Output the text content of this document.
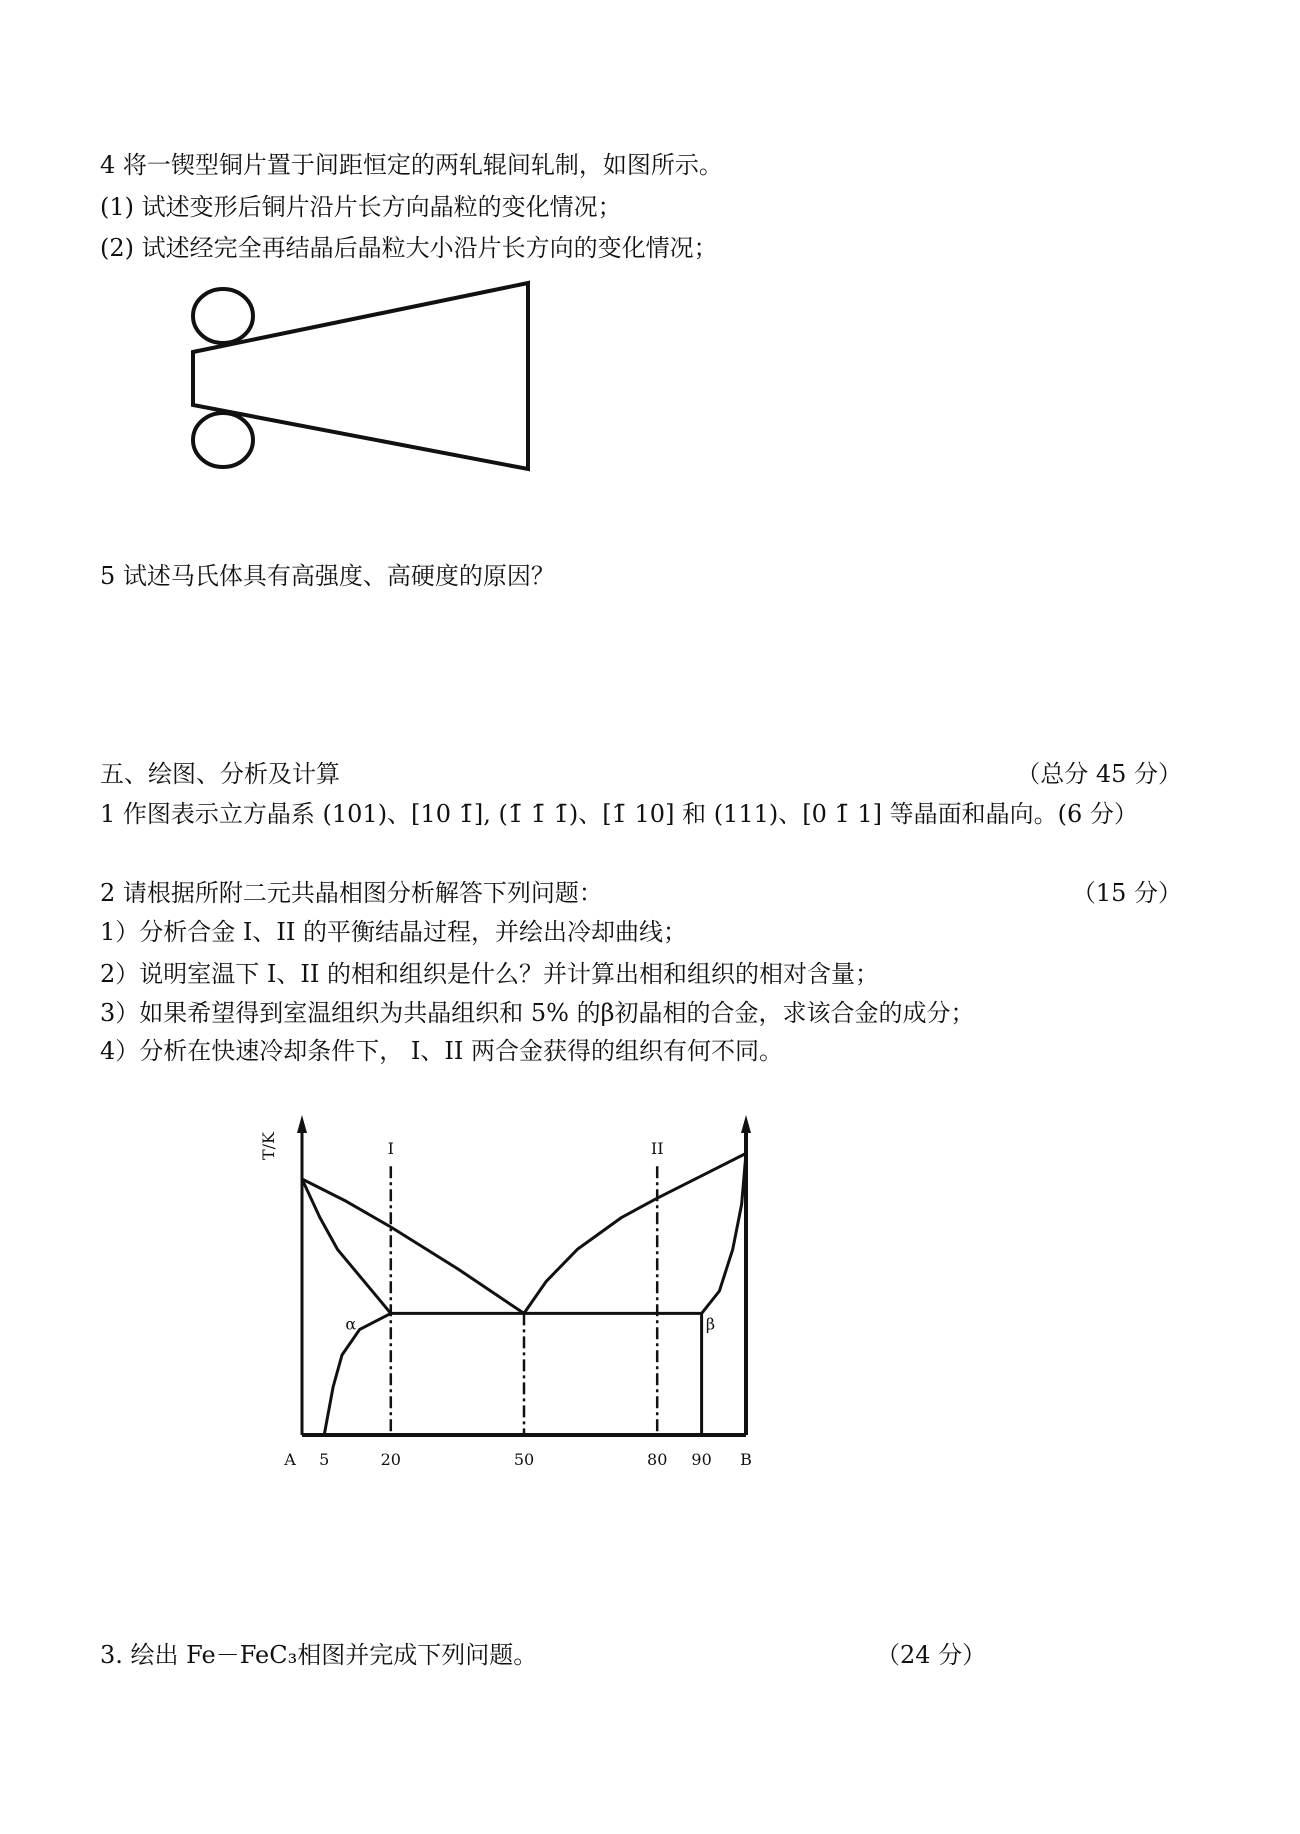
4 将一锲型铜片置于间距恒定的两轧辊间轧制，如图所示。
(1) 试述变形后铜片沿片长方向晶粒的变化情况；
(2) 试述经完全再结晶后晶粒大小沿片长方向的变化情况；
T/K
A 5	20	50	80 90 B
I	II
α	β
5 试述马氏体具有高强度、高硬度的原因？
五、绘图、分析及计算	（总分 45 分）
1 作图表示立方晶系 (101)、[10 1̄], (1̄ 1̄ 1̄)、[1̄ 10] 和 (111)、[0 1̄ 1] 等晶面和晶向。(6 分）
2 请根据所附二元共晶相图分析解答下列问题：	（15 分）
1）分析合金 I、II 的平衡结晶过程，并绘出冷却曲线；
2）说明室温下 I、II 的相和组织是什么？并计算出相和组织的相对含量；
3）如果希望得到室温组织为共晶组织和 5% 的β初晶相的合金，求该合金的成分；
4）分析在快速冷却条件下， I、II 两合金获得的组织有何不同。
3. 绘出 Fe－FeC₃相图并完成下列问题。	（24 分）
